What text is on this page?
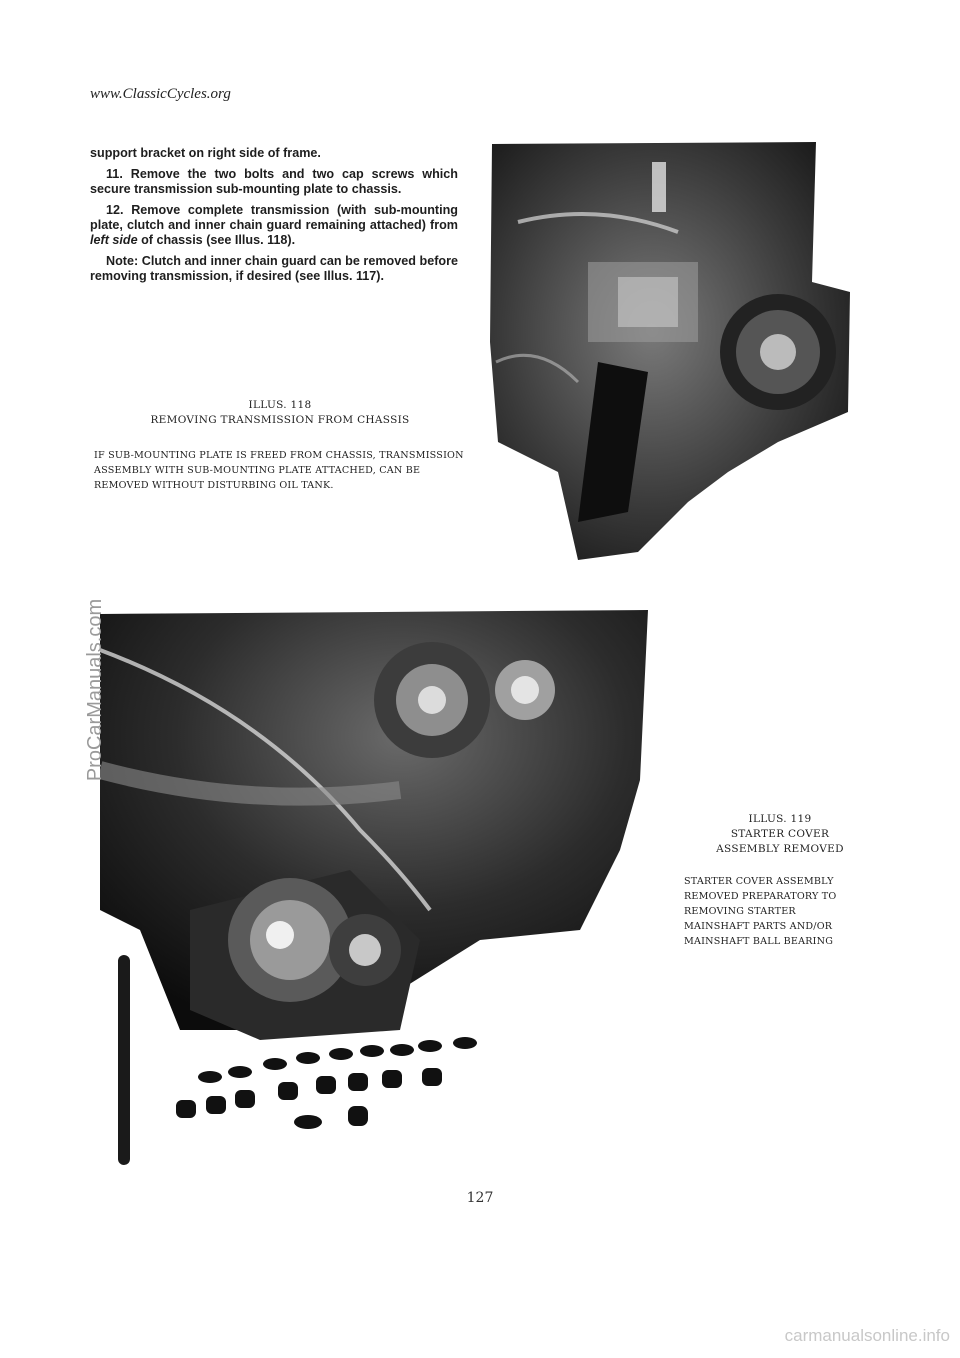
www.ClassicCycles.org

support bracket on right side of frame.

11. Remove the two bolts and two cap screws which secure transmission sub-mounting plate to chassis.

12. Remove complete transmission (with sub-mounting plate, clutch and inner chain guard remaining attached) from left side of chassis (see Illus. 118).

Note: Clutch and inner chain guard can be removed before removing transmission, if desired (see Illus. 117).

ILLUS. 118
REMOVING TRANSMISSION FROM CHASSIS
IF SUB-MOUNTING PLATE IS FREED FROM CHASSIS, TRANSMISSION ASSEMBLY WITH SUB-MOUNTING PLATE ATTACHED, CAN BE REMOVED WITHOUT DISTURBING OIL TANK.
ILLUS. 119
STARTER COVER ASSEMBLY REMOVED
STARTER COVER ASSEMBLY REMOVED PREPARATORY TO REMOVING STARTER MAINSHAFT PARTS AND/OR MAINSHAFT BALL BEARING
127
ProCarManuals.com
carmanualsonline.info
